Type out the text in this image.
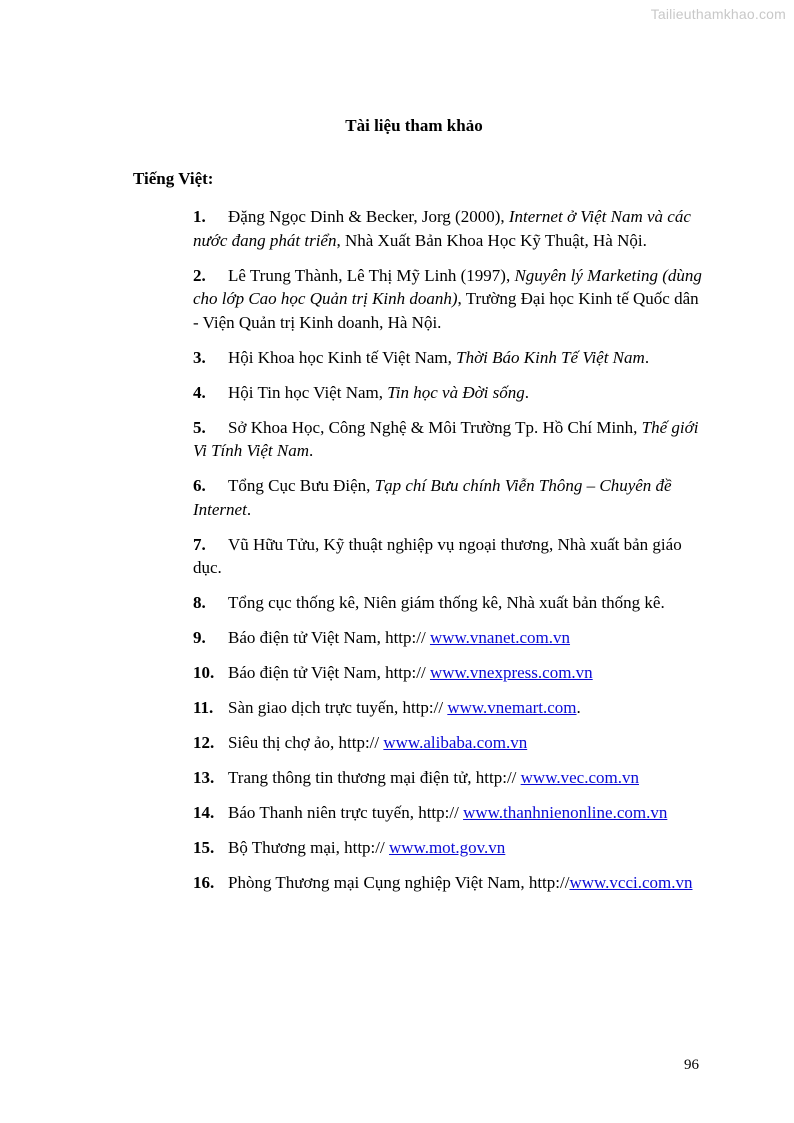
Tailieuthamkhao.com
Tài liệu tham khảo
Tiếng Việt:
1. Đặng Ngọc Dinh & Becker, Jorg (2000), Internet ở Việt Nam và các nước đang phát triển, Nhà Xuất Bản Khoa Học Kỹ Thuật, Hà Nội.
2. Lê Trung Thành, Lê Thị Mỹ Linh (1997), Nguyên lý Marketing (dùng cho lớp Cao học Quản trị Kinh doanh), Trường Đại học Kinh tế Quốc dân - Viện Quản trị Kinh doanh, Hà Nội.
3. Hội Khoa học Kinh tế Việt Nam, Thời Báo Kinh Tế Việt Nam.
4. Hội Tin học Việt Nam, Tin học và Đời sống.
5. Sở Khoa Học, Công Nghệ & Môi Trường Tp. Hồ Chí Minh, Thế giới Vi Tính Việt Nam.
6. Tổng Cục Bưu Điện, Tạp chí Bưu chính Viễn Thông – Chuyên đề Internet.
7. Vũ Hữu Tửu, Kỹ thuật nghiệp vụ ngoại thương, Nhà xuất bản giáo dục.
8. Tổng cục thống kê, Niên giám thống kê, Nhà xuất bản thống kê.
9. Báo điện tử Việt Nam, http:// www.vnanet.com.vn
10. Báo điện tử Việt Nam, http:// www.vnexpress.com.vn
11. Sàn giao dịch trực tuyến, http:// www.vnemart.com.
12. Siêu thị chợ ảo, http:// www.alibaba.com.vn
13. Trang thông tin thương mại điện tử, http:// www.vec.com.vn
14. Báo Thanh niên trực tuyến, http:// www.thanhnienonline.com.vn
15. Bộ Thương mại, http:// www.mot.gov.vn
16. Phòng Thương mại Cụng nghiệp Việt Nam, http://www.vcci.com.vn
96
